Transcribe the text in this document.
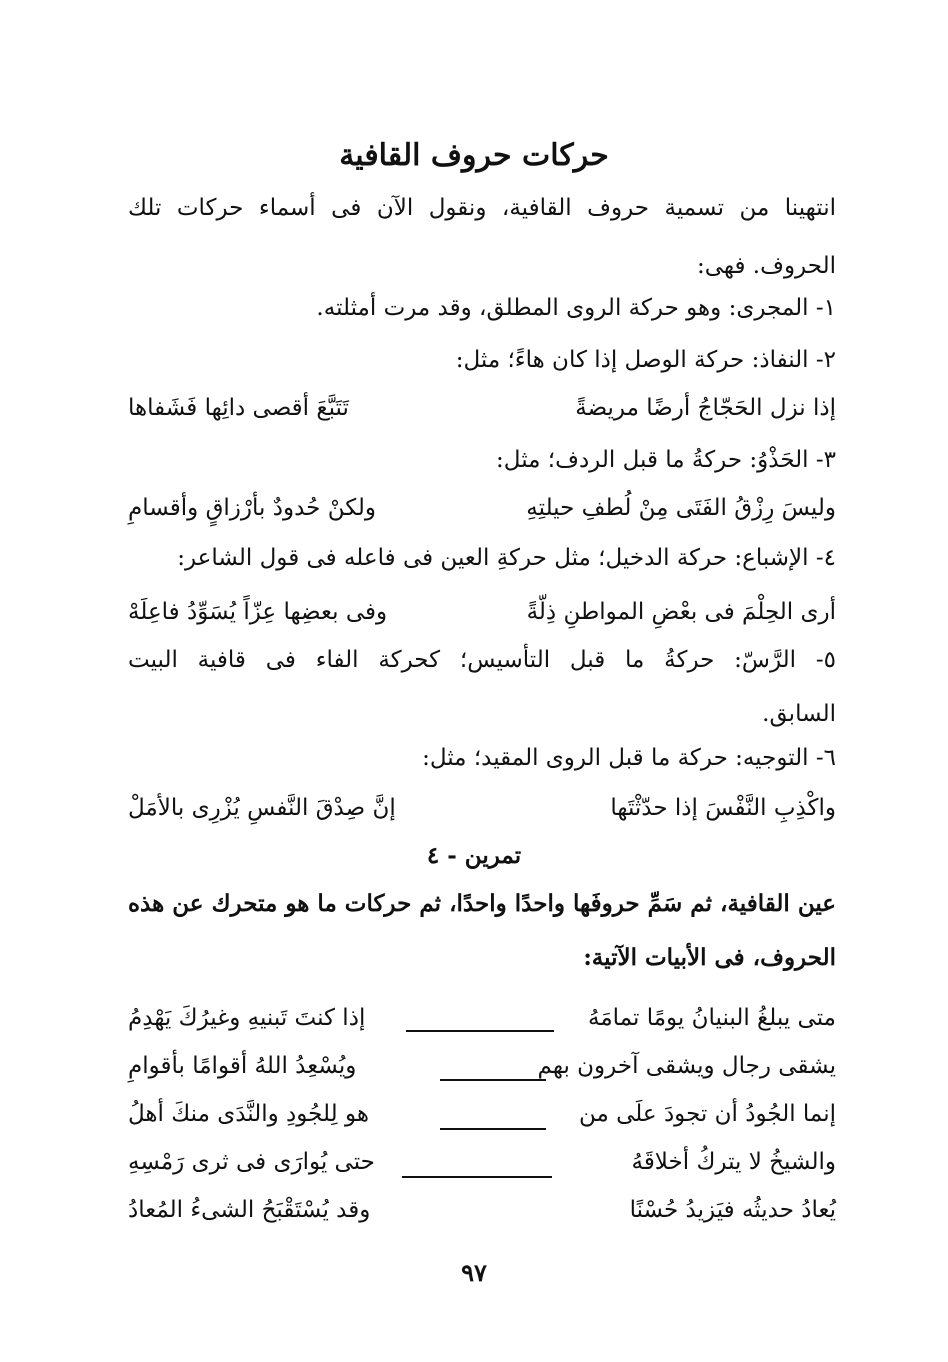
حركات حروف القافية
انتهينا من تسمية حروف القافية، ونقول الآن فى أسماء حركات تلك
الحروف. فهى:
١- المجرى: وهو حركة الروى المطلق، وقد مرت أمثلته.
٢- النفاذ: حركة الوصل إذا كان هاءً؛ مثل:
إذا نزل الحَجّاجُ أرضًا مريضةً
تَتَبَّعَ أقصى دائِها فَشَفاها
٣- الحَذْوُ: حركةُ ما قبل الردف؛ مثل:
وليسَ رِزْقُ الفَتَى مِنْ لُطفِ حيلتِهِ
ولكنْ حُدودٌ بأرْزاقٍ وأقسامِ
٤- الإشباع: حركة الدخيل؛ مثل حركةِ العين فى فاعله فى قول الشاعر:
أرى الحِلْمَ فى بعْضِ المواطنِ ذِلّةً
وفى بعضِها عِزّاً يُسَوِّدُ فاعِلَهْ
٥- الرَّسّ: حركةُ ما قبل التأسيس؛ كحركة الفاء فى قافية البيت
السابق.
٦- التوجيه: حركة ما قبل الروى المقيد؛ مثل:
واكْذِبِ النَّفْسَ إذا حدّثْتَها
إنَّ صِدْقَ النَّفسِ يُزْرِى بالأمَلْ
تمرين - ٤
عين القافية، ثم سَمِّ حروفَها واحدًا واحدًا، ثم حركات ما هو متحرك عن هذه
الحروف، فى الأبيات الآتية:
متى يبلغُ البنيانُ يومًا تمامَهُ
إذا كنتَ تَبنيهِ وغيرُكَ يَهْدِمُ
يشقى رجال ويشقى آخرون بهم
ويُسْعِدُ اللهُ أقوامًا بأقوامِ
إنما الجُودُ أن تجودَ علَى من
هو لِلجُودِ والنَّدَى منكَ أهلُ
والشيخُ لا يتركُ أخلاقَهُ
حتى يُوارَى فى ثرى رَمْسِهِ
يُعادُ حديثُه فيَزيدُ حُسْنًا
وقد يُسْتَقْبَحُ الشىءُ المُعادُ
٩٧
